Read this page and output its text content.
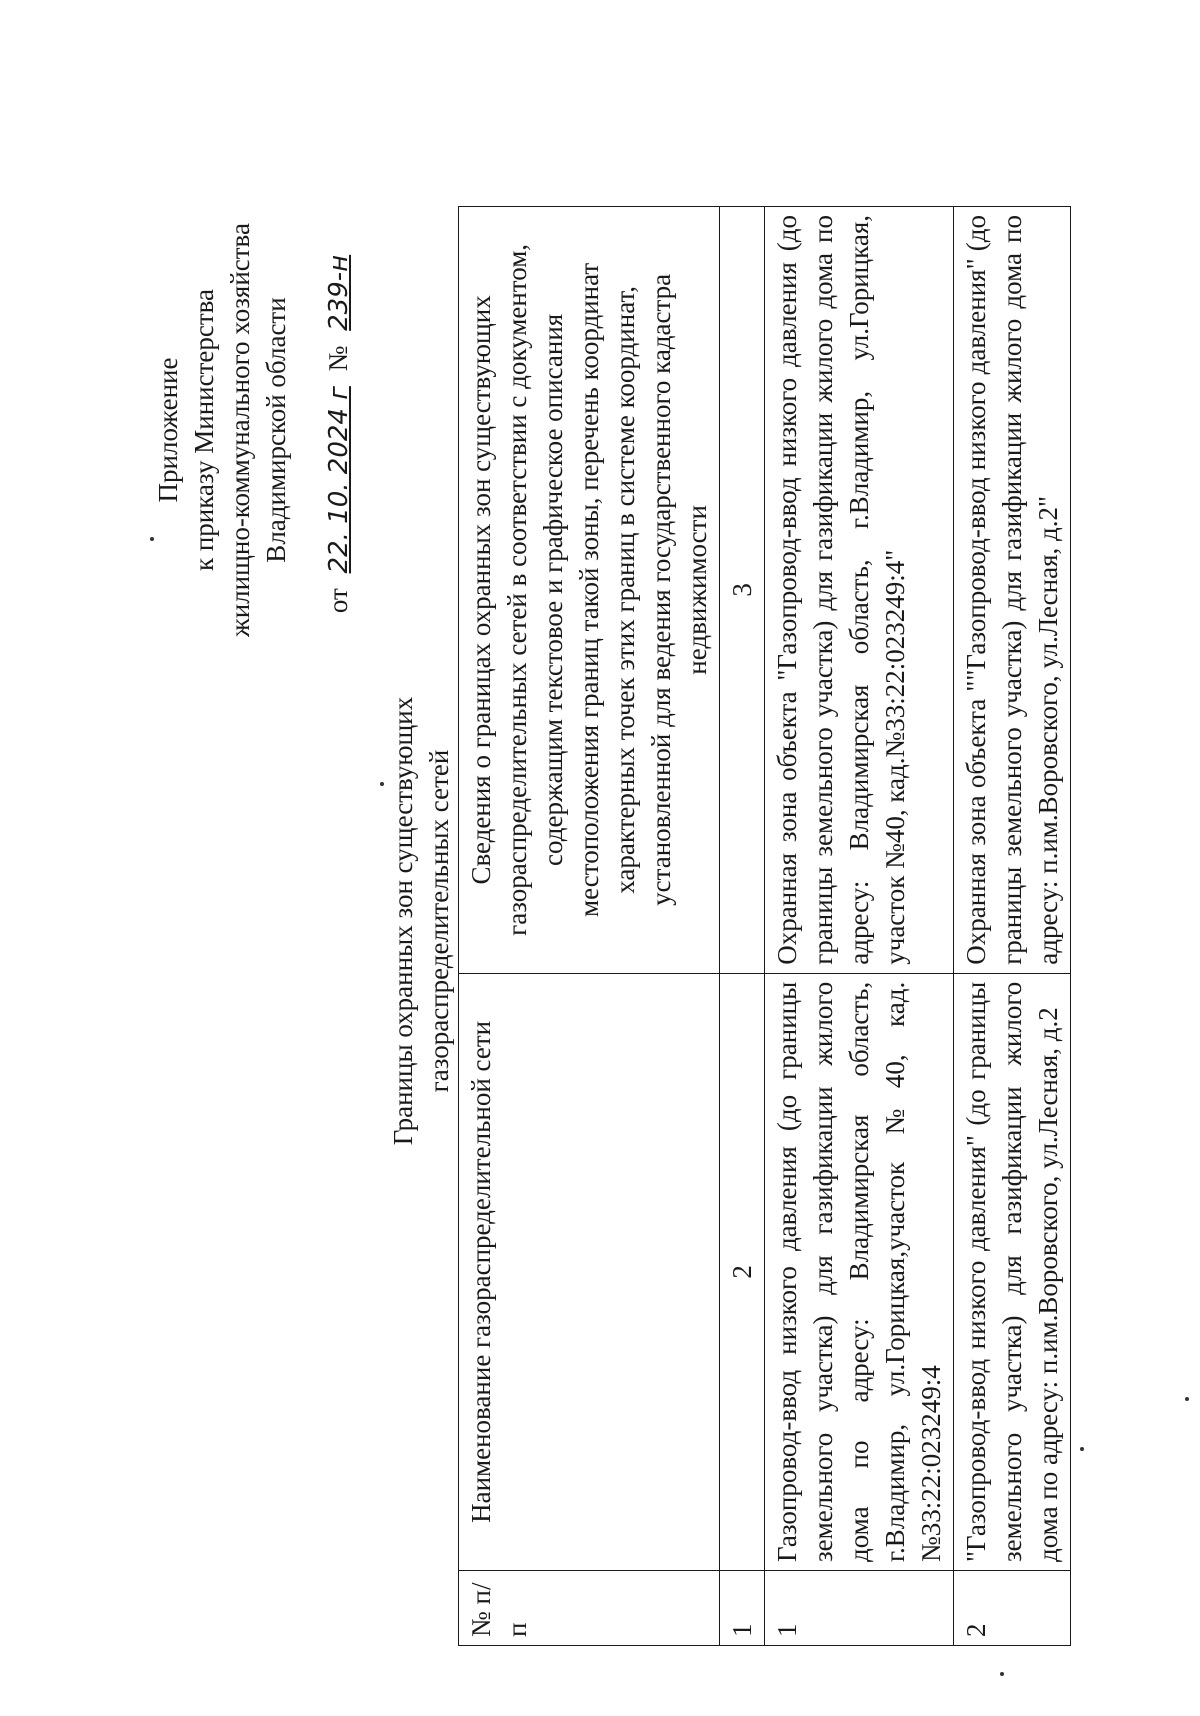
Приложение к приказу Министерства жилищно-коммунального хозяйства Владимирской области
от 22. 10. 2024 г № 239-н
Границы охранных зон существующих газораспределительных сетей
№ п/п	Наименование газораспределительной сети	Сведения о границах охранных зон существующих газораспределительных сетей в соответствии с документом, содержащим текстовое и графическое описания местоположения границ такой зоны, перечень координат характерных точек этих границ в системе координат, установленной для ведения государственного кадастра недвижимости
1	2	3
1	Газопровод-ввод низкого давления (до границы земельного участка) для газификации жилого дома по адресу: Владимирская область, г.Владимир, ул.Горицкая,участок №40, кад.№33:22:023249:4	Охранная зона объекта "Газопровод-ввод низкого давления (до границы земельного участка) для газификации жилого дома по адресу: Владимирская область, г.Владимир, ул.Горицкая, участок №40, кад.№33:22:023249:4"
2	"Газопровод-ввод низкого давления" (до границы земельного участка) для газификации жилого дома по адресу: п.им.Воровского, ул.Лесная, д.2	Охранная зона объекта ""Газопровод-ввод низкого давления" (до границы земельного участка) для газификации жилого дома по адресу: п.им.Воровского, ул.Лесная, д.2"
